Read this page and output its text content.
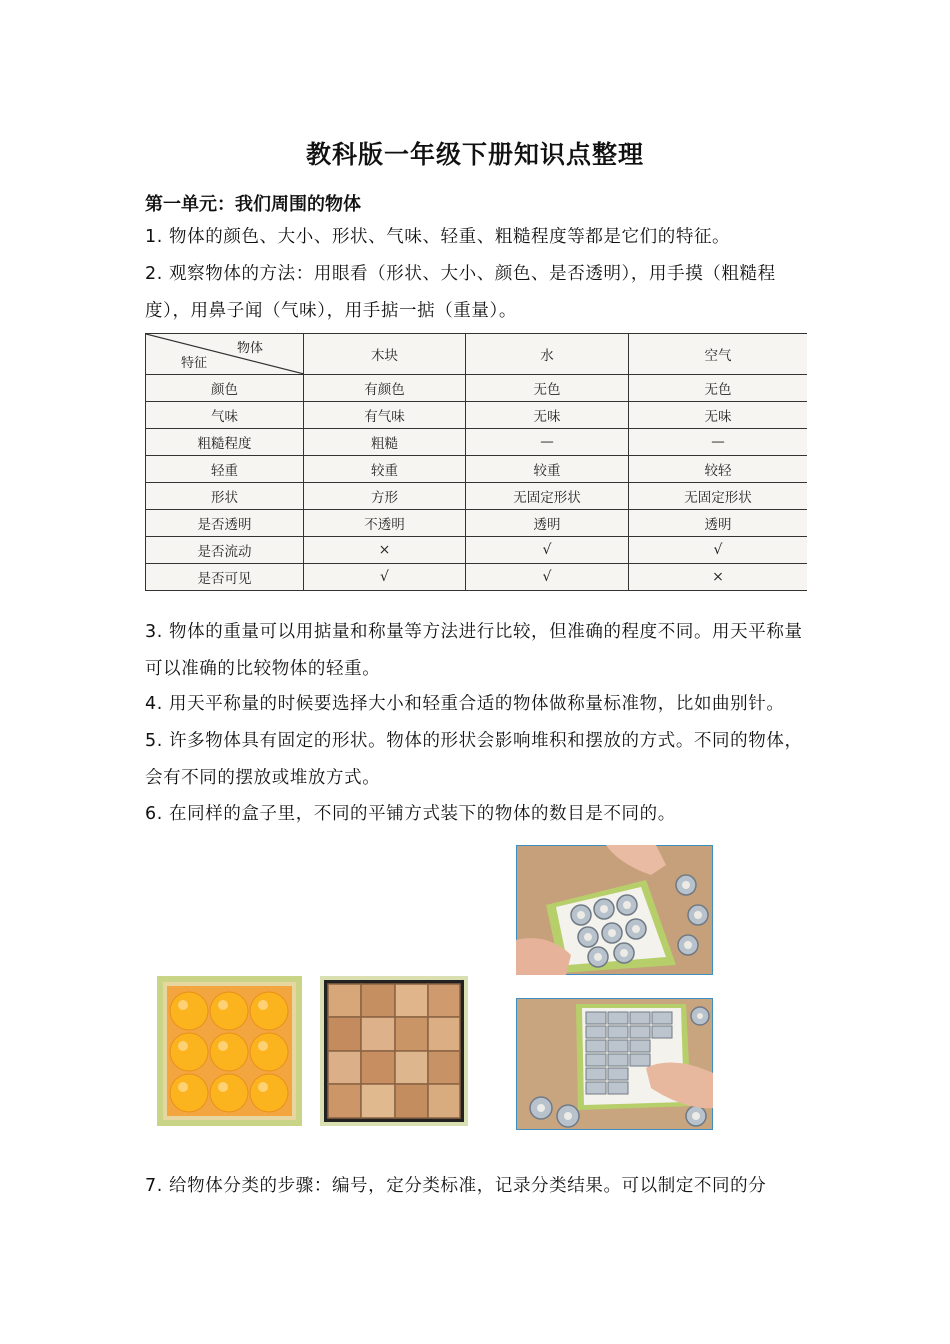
教科版一年级下册知识点整理
第一单元：我们周围的物体
1. 物体的颜色、大小、形状、气味、轻重、粗糙程度等都是它们的特征。
2. 观察物体的方法：用眼看（形状、大小、颜色、是否透明），用手摸（粗糙程度），用鼻子闻（气味），用手掂一掂（重量）。
物体
特征	木块	水	空气
颜色	有颜色	无色	无色
气味	有气味	无味	无味
粗糙程度	粗糙	—	—
轻重	较重	较重	较轻
形状	方形	无固定形状	无固定形状
是否透明	不透明	透明	透明
是否流动	×	√	√
是否可见	√	√	×
3. 物体的重量可以用掂量和称量等方法进行比较，但准确的程度不同。用天平称量可以准确的比较物体的轻重。
4. 用天平称量的时候要选择大小和轻重合适的物体做称量标准物，比如曲别针。
5. 许多物体具有固定的形状。物体的形状会影响堆积和摆放的方式。不同的物体，会有不同的摆放或堆放方式。
6. 在同样的盒子里，不同的平铺方式装下的物体的数目是不同的。
7. 给物体分类的步骤：编号，定分类标准，记录分类结果。可以制定不同的分
